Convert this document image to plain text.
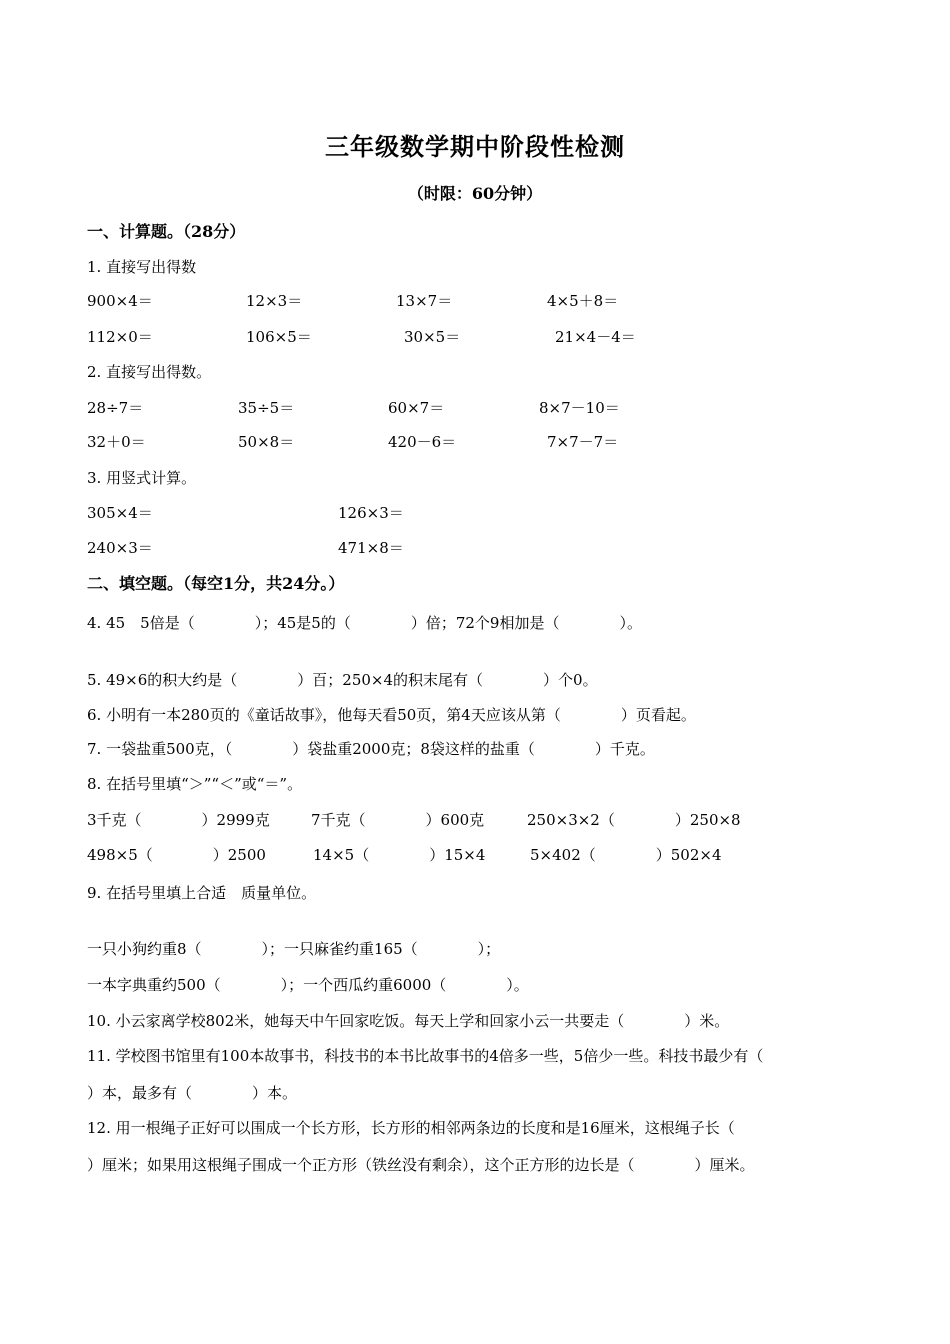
三年级数学期中阶段性检测
（时限：60分钟）
一、计算题。（28分）
1. 直接写出得数
900×4＝	12×3＝	13×7＝	4×5＋8＝
112×0＝	106×5＝	30×5＝	21×4－4＝
2. 直接写出得数。
28÷7＝	35÷5＝	60×7＝	8×7－10＝
32＋0＝	50×8＝	420－6＝	7×7－7＝
3. 用竖式计算。
305×4＝	126×3＝
240×3＝	471×8＝
二、填空题。（每空1分，共24分。）
4. 45　5倍是（　　　　）；45是5的（　　　　）倍；72个9相加是（　　　　）。
5. 49×6的积大约是（　　　　）百；250×4的积末尾有（　　　　）个0。
6. 小明有一本280页的《童话故事》，他每天看50页，第4天应该从第（　　　　）页看起。
7. 一袋盐重500克，（　　　　）袋盐重2000克；8袋这样的盐重（　　　　）千克。
8. 在括号里填“＞”“＜”或“＝”。
3千克（　　　　）2999克	7千克（　　　　）600克	250×3×2（　　　　）250×8
498×5（　　　　）2500	14×5（　　　　）15×4	5×402（　　　　）502×4
9. 在括号里填上合适　质量单位。
一只小狗约重8（　　　　）；一只麻雀约重165（　　　　）；
一本字典重约500（　　　　）；一个西瓜约重6000（　　　　）。
10. 小云家离学校802米，她每天中午回家吃饭。每天上学和回家小云一共要走（　　　　）米。
11. 学校图书馆里有100本故事书，科技书的本书比故事书的4倍多一些，5倍少一些。科技书最少有（
）本，最多有（　　　　）本。
12. 用一根绳子正好可以围成一个长方形，长方形的相邻两条边的长度和是16厘米，这根绳子长（
）厘米；如果用这根绳子围成一个正方形（铁丝没有剩余），这个正方形的边长是（　　　　）厘米。
